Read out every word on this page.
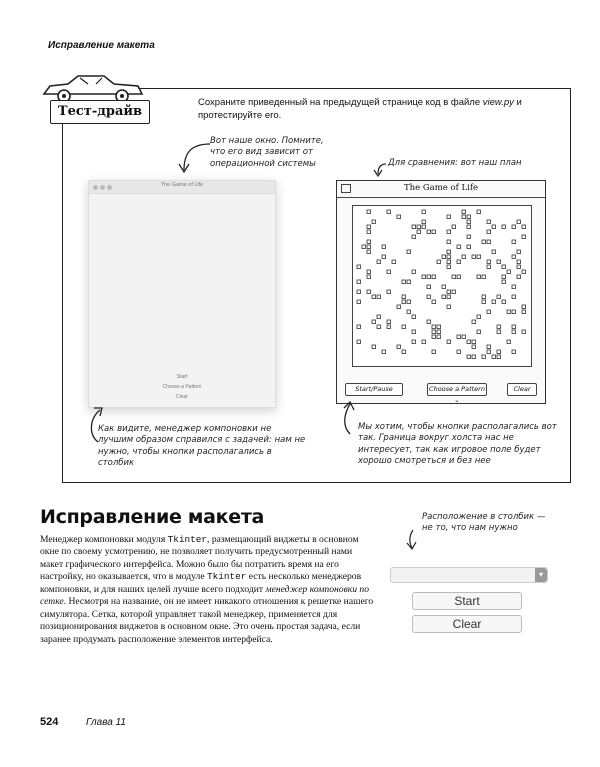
Исправление макета
Тест-драйв
Сохраните приведенный на предыдущей странице код в файле view.py и протестируйте его.
Вот наше окно. Помните, что его вид зависит от операционной системы
The Game of Life
Start
Choose a Pattern
Clear
Для сравнения: вот наш план
The Game of Life
Start/Pause	Choose a Pattern ⌄
Clear
Как видите, менеджер компоновки не лучшим образом справился с задачей: нам не нужно, чтобы кнопки располагались в столбик
Мы хотим, чтобы кнопки располагались вот так. Граница вокруг холста нас не интересует, так как игровое поле будет хорошо смотреться и без нее
Исправление макета
Менеджер компоновки модуля Tkinter, размещающий виджеты в основном окне по своему усмотрению, не позволяет получить предусмотренный нами макет графического интерфейса. Можно было бы потратить время на его настройку, но оказывается, что в модуле Tkinter есть несколько менеджеров компоновки, и для наших целей лучше всего подходит менеджер компоновки по сетке. Несмотря на название, он не имеет никакого отношения к решетке нашего симулятора. Сетка, которой управляет такой менеджер, применяется для позиционирования виджетов в основном окне. Это очень простая задача, если заранее продумать расположение элементов интерфейса.
Расположение в столбик — не то, что нам нужно
▾
Start
Clear
524	Глава 11
